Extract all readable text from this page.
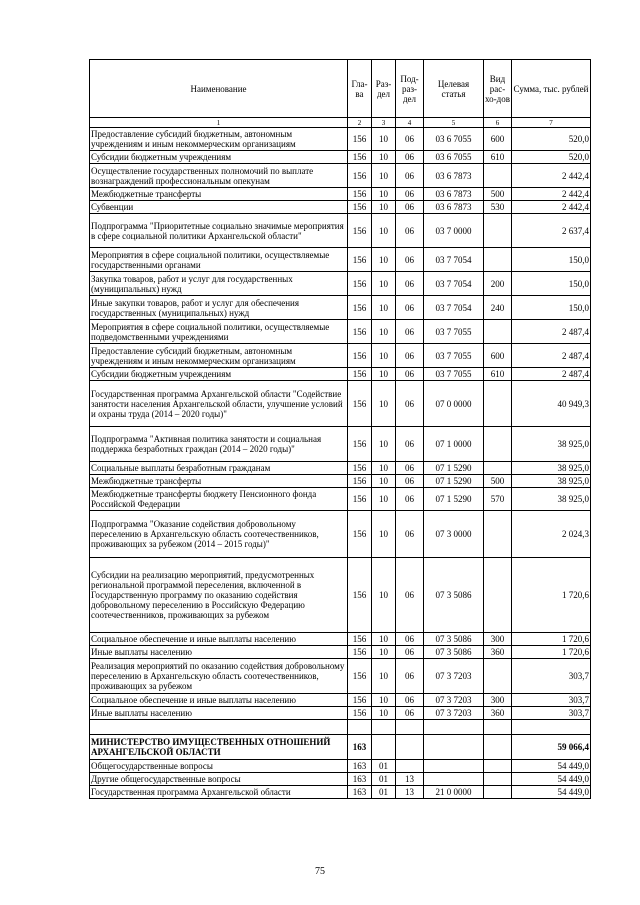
Наименование	Гла-ва	Раз-дел	Под-раз-дел	Целевая статья	Вид рас-хо-дов	Сумма, тыс. рублей
1	2	3	4	5	6	7
Предоставление субсидий бюджетным, автономным учреждениям и иным некоммерческим организациям	156	10	06	03 6 7055	600	520,0
Субсидии бюджетным учреждениям	156	10	06	03 6 7055	610	520,0
Осуществление государственных полномочий по выплате вознаграждений профессиональным опекунам	156	10	06	03 6 7873		2 442,4
Межбюджетные трансферты	156	10	06	03 6 7873	500	2 442,4
Субвенции	156	10	06	03 6 7873	530	2 442,4
Подпрограмма "Приоритетные социально значимые мероприятия в сфере социальной политики Архангельской области"	156	10	06	03 7 0000		2 637,4
Мероприятия в сфере социальной политики, осуществляемые государственными органами	156	10	06	03 7 7054		150,0
Закупка товаров, работ и услуг для государственных (муниципальных) нужд	156	10	06	03 7 7054	200	150,0
Иные закупки товаров, работ и услуг для обеспечения государственных (муниципальных) нужд	156	10	06	03 7 7054	240	150,0
Мероприятия в сфере социальной политики, осуществляемые подведомственными учреждениями	156	10	06	03 7 7055		2 487,4
Предоставление субсидий бюджетным, автономным учреждениям и иным некоммерческим организациям	156	10	06	03 7 7055	600	2 487,4
Субсидии бюджетным учреждениям	156	10	06	03 7 7055	610	2 487,4
Государственная программа Архангельской области "Содействие занятости населения Архангельской области, улучшение условий и охраны труда (2014 – 2020 годы)"	156	10	06	07 0 0000		40 949,3
Подпрограмма "Активная политика занятости и социальная поддержка безработных граждан (2014 – 2020 годы)"	156	10	06	07 1 0000		38 925,0
Социальные выплаты безработным гражданам	156	10	06	07 1 5290		38 925,0
Межбюджетные трансферты	156	10	06	07 1 5290	500	38 925,0
Межбюджетные трансферты бюджету Пенсионного фонда Российской Федерации	156	10	06	07 1 5290	570	38 925,0
Подпрограмма "Оказание содействия добровольному переселению в Архангельскую область соотечественников, проживающих за рубежом (2014 – 2015 годы)"	156	10	06	07 3 0000		2 024,3
Субсидии на реализацию мероприятий, предусмотренных региональной программой переселения, включенной в Государственную программу по оказанию содействия добровольному переселению в Российскую Федерацию соотечественников, проживающих за рубежом	156	10	06	07 3 5086		1 720,6
Социальное обеспечение и иные выплаты населению	156	10	06	07 3 5086	300	1 720,6
Иные выплаты населению	156	10	06	07 3 5086	360	1 720,6
Реализация мероприятий по оказанию содействия добровольному переселению в Архангельскую область соотечественников, проживающих за рубежом	156	10	06	07 3 7203		303,7
Социальное обеспечение и иные выплаты населению	156	10	06	07 3 7203	300	303,7
Иные выплаты населению	156	10	06	07 3 7203	360	303,7

МИНИСТЕРСТВО ИМУЩЕСТВЕННЫХ ОТНОШЕНИЙ АРХАНГЕЛЬСКОЙ ОБЛАСТИ	163					59 066,4
Общегосударственные вопросы	163	01				54 449,0
Другие общегосударственные вопросы	163	01	13			54 449,0
Государственная программа Архангельской области	163	01	13	21 0 0000		54 449,0
75
